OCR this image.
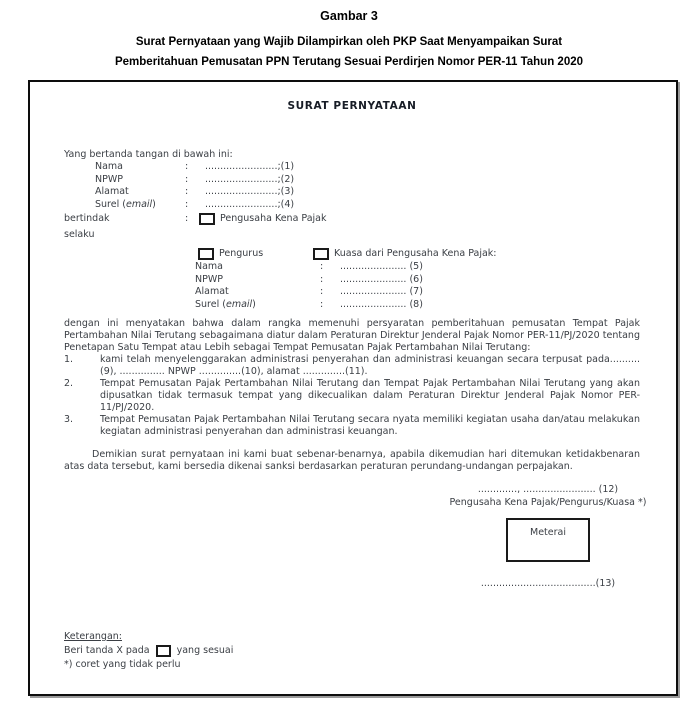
Gambar 3
Surat Pernyataan yang Wajib Dilampirkan oleh PKP Saat Menyampaikan Surat
Pemberitahuan Pemusatan PPN Terutang Sesuai Perdirjen Nomor PER-11 Tahun 2020
SURAT PERNYATAAN
Yang bertanda tangan di bawah ini:
Nama	:	........................;(1)
NPWP	:	........................;(2)
Alamat	:	........................;(3)
Surel (email)	:	........................;(4)
bertindak	:	Pengusaha Kena Pajak
selaku
Pengurus	Kuasa dari Pengusaha Kena Pajak:
Nama	:	...................... (5)
NPWP	:	...................... (6)
Alamat	:	...................... (7)
Surel (email)	:	...................... (8)
dengan ini menyatakan bahwa dalam rangka memenuhi persyaratan pemberitahuan pemusatan Tempat Pajak Pertambahan Nilai Terutang sebagaimana diatur dalam Peraturan Direktur Jenderal Pajak Nomor PER-11/PJ/2020 tentang Penetapan Satu Tempat atau Lebih sebagai Tempat Pemusatan Pajak Pertambahan Nilai Terutang:
1.	kami telah menyelenggarakan administrasi penyerahan dan administrasi keuangan secara terpusat pada..........(9), ............... NPWP ..............(10), alamat ..............(11).
2.	Tempat Pemusatan Pajak Pertambahan Nilai Terutang dan Tempat Pajak Pertambahan Nilai Terutang yang akan dipusatkan tidak termasuk tempat yang dikecualikan dalam Peraturan Direktur Jenderal Pajak Nomor PER-11/PJ/2020.
3.	Tempat Pemusatan Pajak Pertambahan Nilai Terutang secara nyata memiliki kegiatan usaha dan/atau melakukan kegiatan administrasi penyerahan dan administrasi keuangan.
Demikian surat pernyataan ini kami buat sebenar-benarnya, apabila dikemudian hari ditemukan ketidakbenaran atas data tersebut, kami bersedia dikenai sanksi berdasarkan peraturan perundang-undangan perpajakan.
............., ........................ (12)
Pengusaha Kena Pajak/Pengurus/Kuasa *)
Meterai
......................................(13)
Keterangan:
Beri tanda X pada	yang sesuai
*) coret yang tidak perlu
